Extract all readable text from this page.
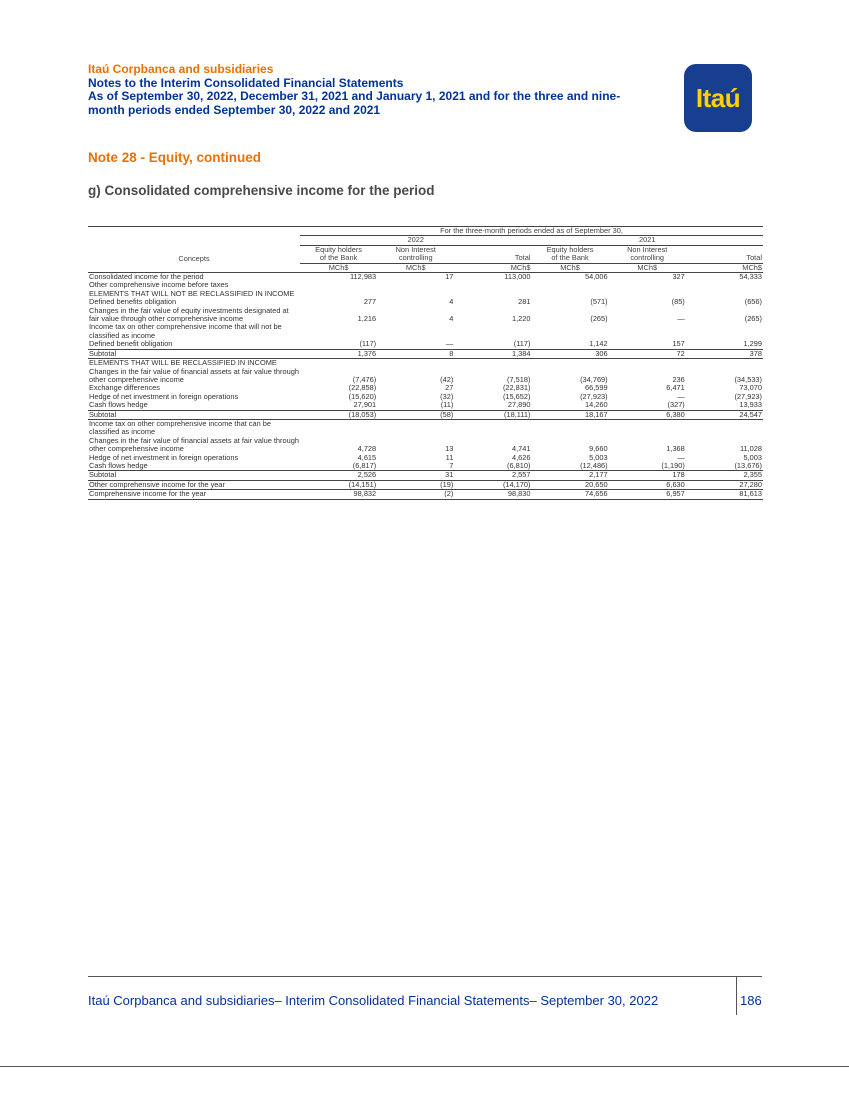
Itaú Corpbanca and subsidiaries
Notes to the Interim Consolidated Financial Statements
As of September 30, 2022, December 31, 2021 and January 1, 2021 and for the three and nine-
month periods ended September 30, 2022 and 2021	Itaú
Note 28 - Equity, continued
g) Consolidated comprehensive income for the period
	For the three-month periods ended as of September 30,					
	2022			2021		
	Equity holders	Non Interest		Equity holders	Non Interest	
Concepts	of the Bank	controlling	Total	of the Bank	controlling	Total
	MCh$	MCh$	MCh$	MCh$	MCh$	MCh$
Consolidated income for the period	112,983	17	113,000	54,006	327	54,333
Other comprehensive income before taxes						
ELEMENTS THAT WILL NOT BE RECLASSIFIED IN INCOME						
Defined benefits obligation	277	4	281	(571)	(85)	(656)
Changes in the fair value of equity investments designated at fair value through other comprehensive income	1,216	4	1,220	(265)	—	(265)
Income tax on other comprehensive income that will not be classified as income						
Defined benefit obligation	(117)	—	(117)	1,142	157	1,299
Subtotal	1,376	8	1,384	306	72	378
ELEMENTS THAT WILL BE RECLASSIFIED IN INCOME						
Changes in the fair value of financial assets at fair value through other comprehensive income	(7,476)	(42)	(7,518)	(34,769)	236	(34,533)
Exchange differences	(22,858)	27	(22,831)	66,599	6,471	73,070
Hedge of net investment in foreign operations	(15,620)	(32)	(15,652)	(27,923)	—	(27,923)
Cash flows hedge	27,901	(11)	27,890	14,260	(327)	13,933
Subtotal	(18,053)	(58)	(18,111)	18,167	6,380	24,547
Income tax on other comprehensive income that can be classified as income						
Changes in the fair value of financial assets at fair value through other comprehensive income	4,728	13	4,741	9,660	1,368	11,028
Hedge of net investment in foreign operations	4,615	11	4,626	5,003	—	5,003
Cash flows hedge	(6,817)	7	(6,810)	(12,486)	(1,190)	(13,676)
Subtotal	2,526	31	2,557	2,177	178	2,355
Other comprehensive income for the year	(14,151)	(19)	(14,170)	20,650	6,630	27,280
Comprehensive income for the year	98,832	(2)	98,830	74,656	6,957	81,613
Itaú Corpbanca and subsidiaries– Interim Consolidated Financial Statements– September 30, 2022	186
